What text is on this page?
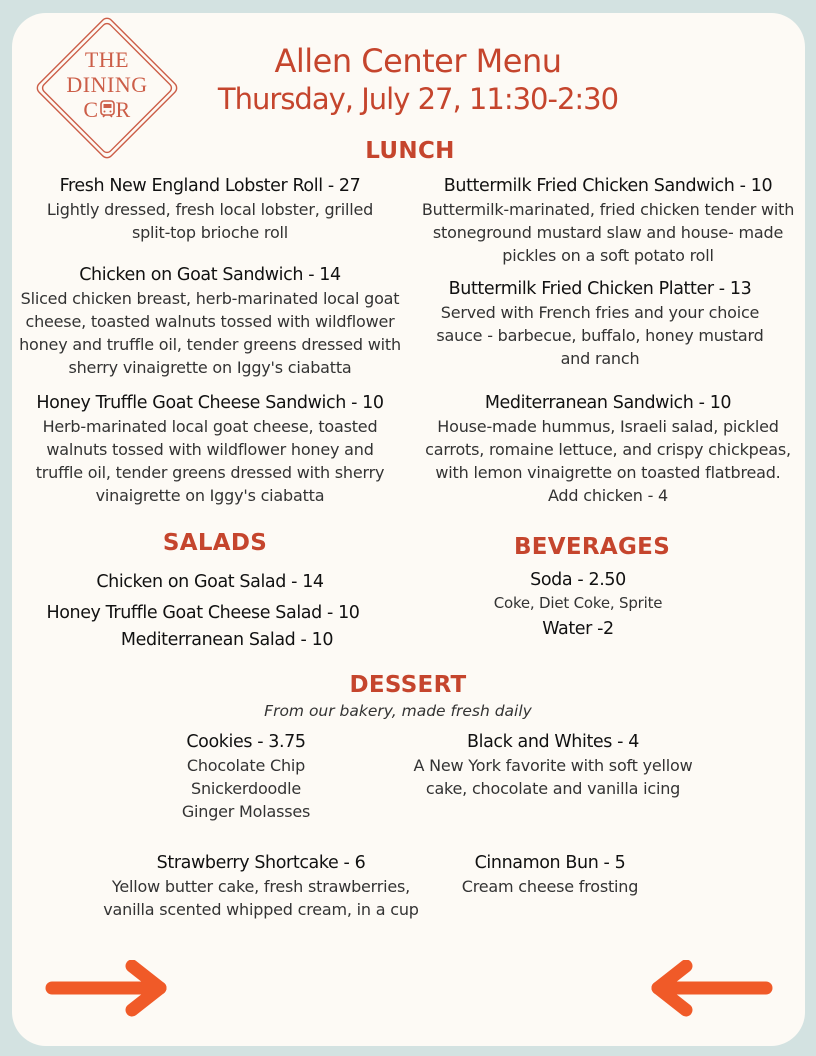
THE
DINING
C R
Allen Center Menu
Thursday, July 27, 11:30-2:30
LUNCH
Fresh New England Lobster Roll - 27
Lightly dressed, fresh local lobster, grilled
split-top brioche roll
Chicken on Goat Sandwich - 14
Sliced chicken breast, herb-marinated local goat
cheese, toasted walnuts tossed with wildflower
honey and truffle oil, tender greens dressed with
sherry vinaigrette on Iggy's ciabatta
Honey Truffle Goat Cheese Sandwich - 10
Herb-marinated local goat cheese, toasted
walnuts tossed with wildflower honey and
truffle oil, tender greens dressed with sherry
vinaigrette on Iggy's ciabatta
Buttermilk Fried Chicken Sandwich - 10
Buttermilk-marinated, fried chicken tender with
stoneground mustard slaw and house- made
pickles on a soft potato roll
Buttermilk Fried Chicken Platter - 13
Served with French fries and your choice
sauce - barbecue, buffalo, honey mustard
and ranch
Mediterranean Sandwich - 10
House-made hummus, Israeli salad, pickled
carrots, romaine lettuce, and crispy chickpeas,
with lemon vinaigrette on toasted flatbread.
Add chicken - 4
SALADS
Chicken on Goat Salad - 14
Honey Truffle Goat Cheese Salad - 10
Mediterranean Salad - 10
BEVERAGES
Soda - 2.50
Coke, Diet Coke, Sprite
Water -2
DESSERT
From our bakery, made fresh daily
Cookies - 3.75
Chocolate Chip
Snickerdoodle
Ginger Molasses
Black and Whites - 4
A New York favorite with soft yellow
cake, chocolate and vanilla icing
Strawberry Shortcake - 6
Yellow butter cake, fresh strawberries,
vanilla scented whipped cream, in a cup
Cinnamon Bun - 5
Cream cheese frosting
